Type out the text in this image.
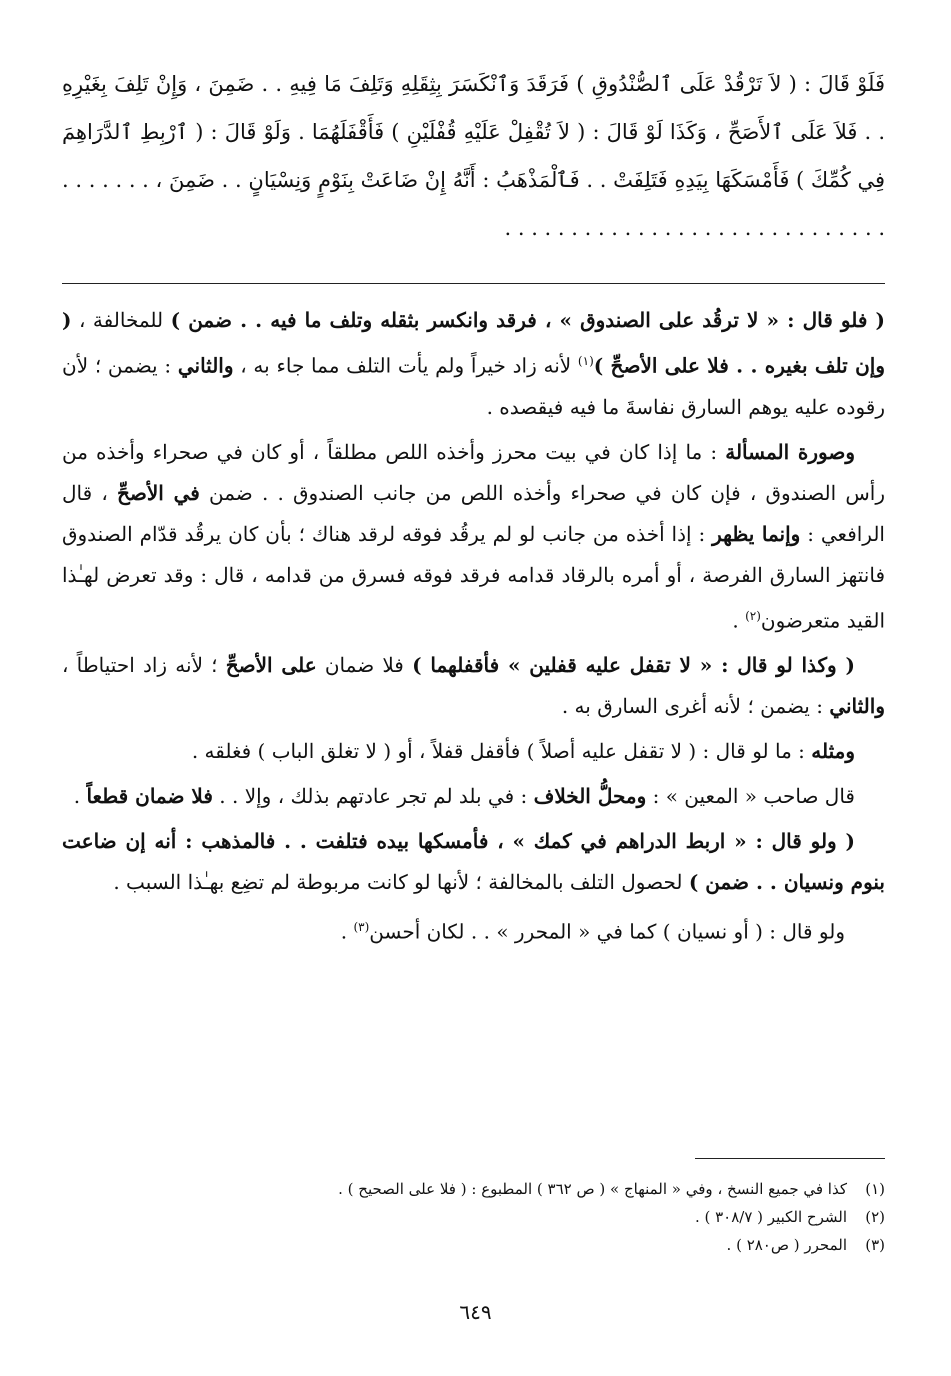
فَلَوْ قَالَ : ( لاَ تَرْقُدْ عَلَى ٱلصُّنْدُوقِ ) فَرَقَدَ وَٱنْكَسَرَ بِثِقَلِهِ وَتَلِفَ مَا فِيهِ . . ضَمِنَ ، وَإِنْ تَلِفَ بِغَيْرِهِ . . فَلاَ عَلَى ٱلأَصَحِّ ، وَكَذَا لَوْ قَالَ : ( لاَ تُقْفِلْ عَلَيْهِ قُفْلَيْنِ ) فَأَقْفَلَهُمَا . وَلَوْ قَالَ : ( ٱرْبِطِ ٱلدَّرَاهِمَ فِي كُمِّكَ ) فَأَمْسَكَهَا بِيَدِهِ فَتَلِفَتْ . . فَٱلْمَذْهَبُ : أَنَّهُ إِنْ ضَاعَتْ بِنَوْمٍ وَنِسْيَانٍ . . ضَمِنَ ، . . . . . . . . . . . . . . . . . . . . . . . . . . . . . . . . . . . .

( فلو قال : « لا ترقُد على الصندوق » ، فرقد وانكسر بثقله وتلف ما فيه . . ضمن ) للمخالفة ، ( وإن تلف بغيره . . فلا على الأصحِّ )$^{(١)}$ لأنه زاد خيراً ولم يأت التلف مما جاء به ، والثاني : يضمن ؛ لأن رقوده عليه يوهم السارق نفاسةَ ما فيه فيقصده .

وصورة المسألة : ما إذا كان في بيت محرز وأخذه اللص مطلقاً ، أو كان في صحراء وأخذه من رأس الصندوق ، فإن كان في صحراء وأخذه اللص من جانب الصندوق . . ضمن في الأصحِّ ، قال الرافعي : وإنما يظهر : إذا أخذه من جانب لو لم يرقُد فوقه لرقد هناك ؛ بأن كان يرقُد قدّام الصندوق فانتهز السارق الفرصة ، أو أمره بالرقاد قدامه فرقد فوقه فسرق من قدامه ، قال : وقد تعرض لهـٰذا القيد متعرضون$^{(٢)}$ .

( وكذا لو قال : « لا تقفل عليه قفلين » فأقفلهما ) فلا ضمان على الأصحِّ ؛ لأنه زاد احتياطاً ، والثاني : يضمن ؛ لأنه أغرى السارق به .

ومثله : ما لو قال : ( لا تقفل عليه أصلاً ) فأقفل قفلاً ، أو ( لا تغلق الباب ) فغلقه .

قال صاحب « المعين » : ومحلُّ الخلاف : في بلد لم تجر عادتهم بذلك ، وإلا . . فلا ضمان قطعاً .

( ولو قال : « اربط الدراهم في كمك » ، فأمسكها بيده فتلفت . . فالمذهب : أنه إن ضاعت بنوم ونسيان . . ضمن ) لحصول التلف بالمخالفة ؛ لأنها لو كانت مربوطة لم تضِع بهـٰذا السبب .

ولو قال : ( أو نسيان ) كما في « المحرر » . . لكان أحسن$^{(٣)}$ .

(١)كذا في جميع النسخ ، وفي « المنهاج » ( ص ٣٦٢ ) المطبوع : ( فلا على الصحيح ) .
(٢)الشرح الكبير ( ٣٠٨/٧ ) .
(٣)المحرر ( ص٢٨٠ ) .
٦٤٩
